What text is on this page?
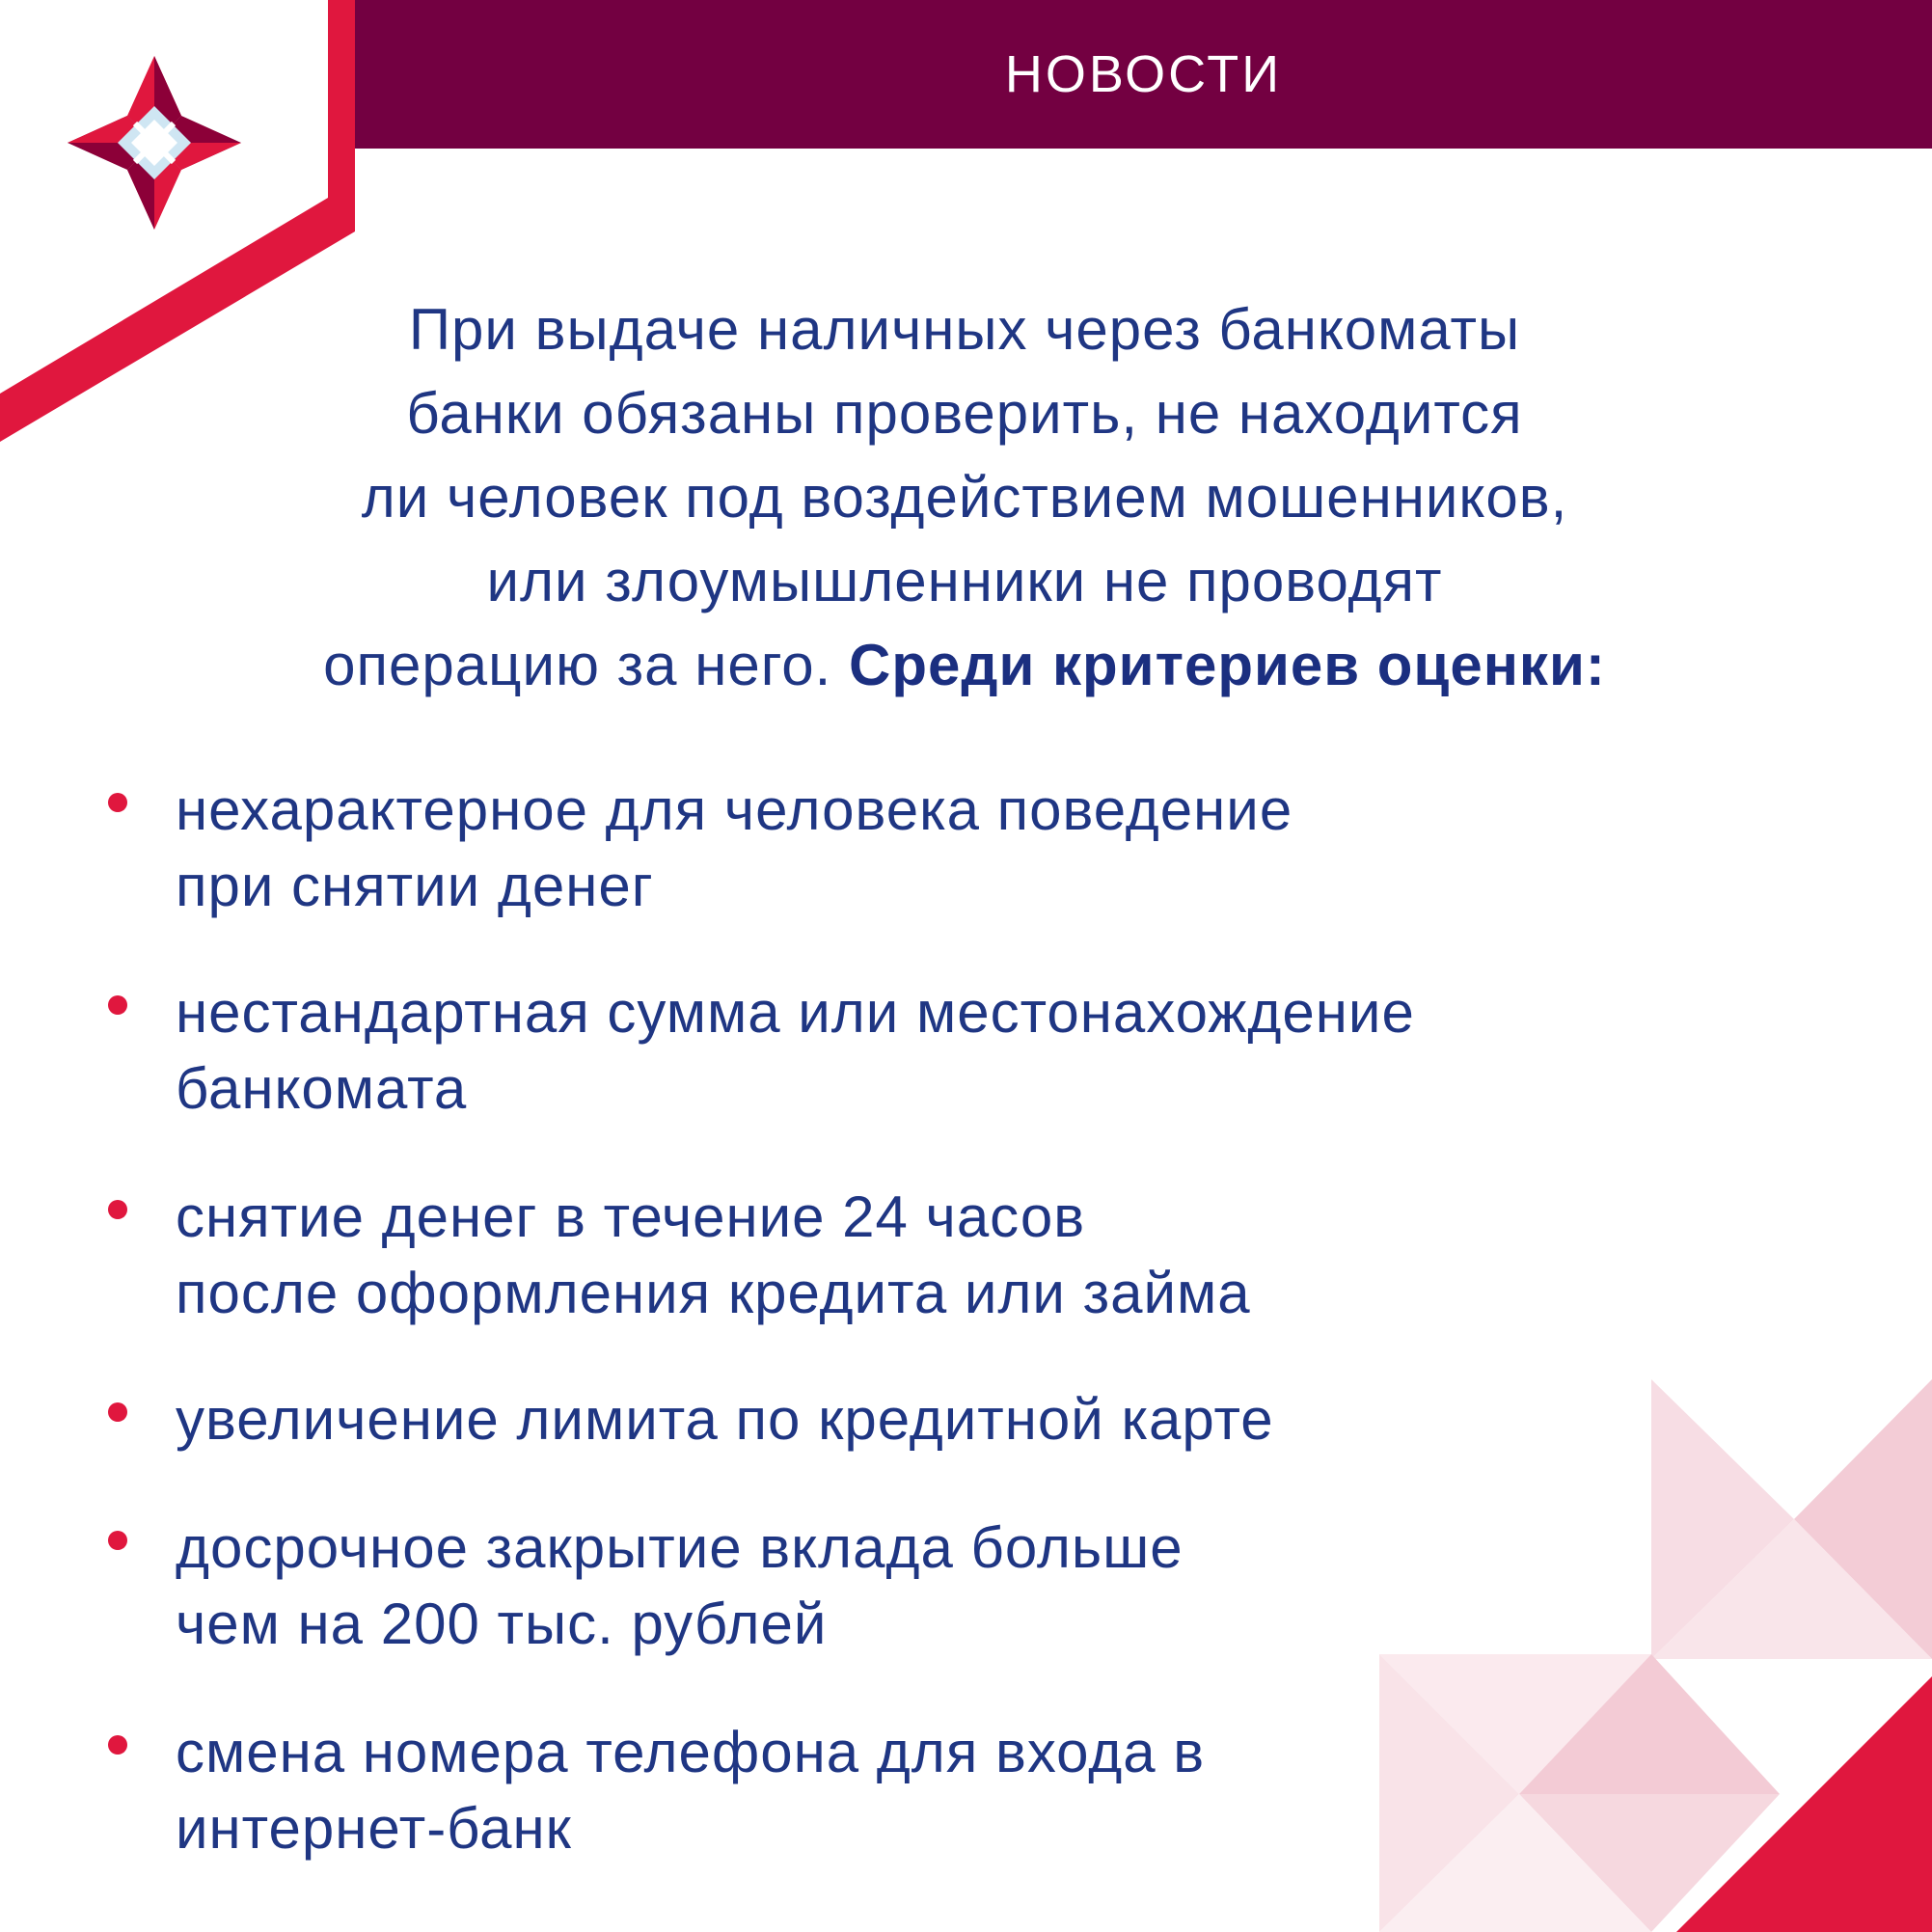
НОВОСТИ
При выдаче наличных через банкоматы
банки обязаны проверить, не находится
ли человек под воздействием мошенников,
или злоумышленники не проводят
операцию за него. Среди критериев оценки:
нехарактерное для человека поведение
при снятии денег
нестандартная сумма или местонахождение
банкомата
снятие денег в течение 24 часов
после оформления кредита или займа
увеличение лимита по кредитной карте
досрочное закрытие вклада больше
чем на 200 тыс. рублей
смена номера телефона для входа в
интернет-банк
